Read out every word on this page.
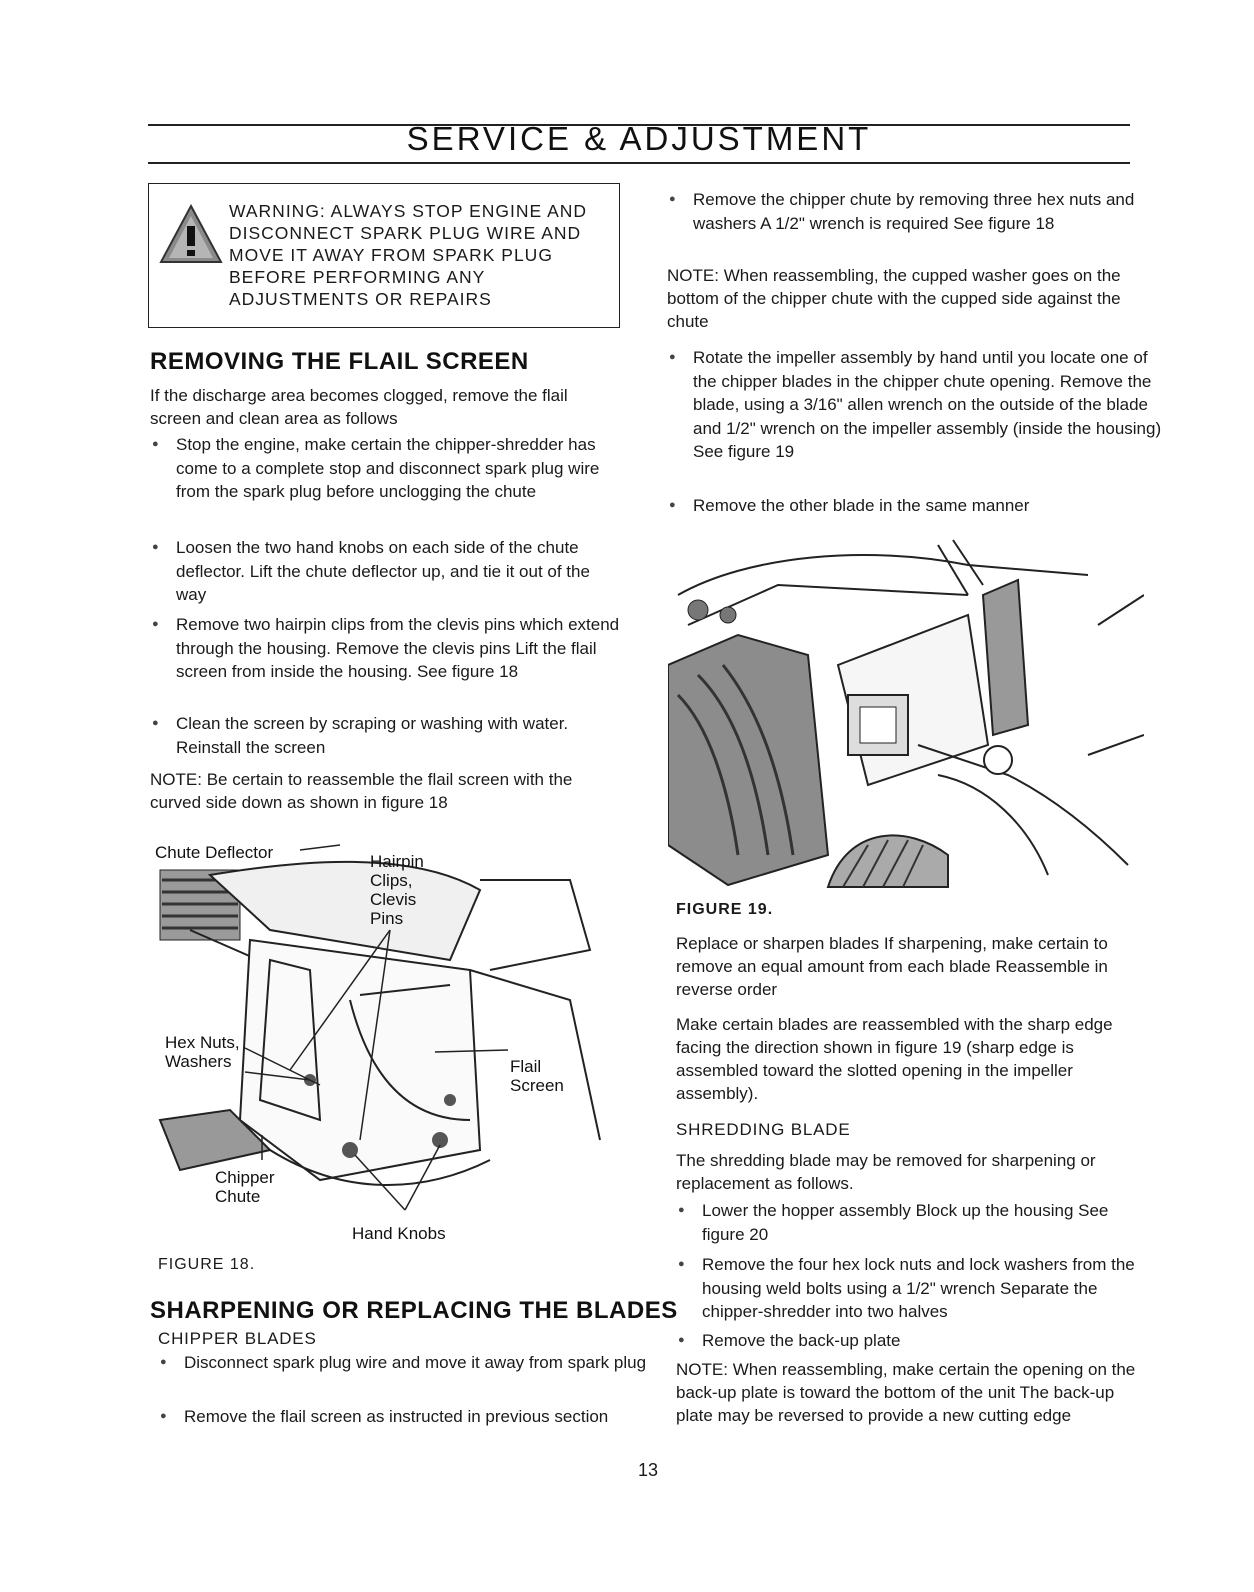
SERVICE & ADJUSTMENT
WARNING: ALWAYS STOP ENGINE AND DISCONNECT SPARK PLUG WIRE AND MOVE IT AWAY FROM SPARK PLUG BEFORE PERFORMING ANY ADJUSTMENTS OR REPAIRS
REMOVING THE FLAIL SCREEN

If the discharge area becomes clogged, remove the flail screen and clean area as follows

● Stop the engine, make certain the chipper-shredder has come to a complete stop and disconnect spark plug wire from the spark plug before unclogging the chute

● Loosen the two hand knobs on each side of the chute deflector. Lift the chute deflector up, and tie it out of the way

● Remove two hairpin clips from the clevis pins which extend through the housing. Remove the clevis pins Lift the flail screen from inside the housing. See figure 18

● Clean the screen by scraping or washing with water. Reinstall the screen

NOTE: Be certain to reassemble the flail screen with the curved side down as shown in figure 18

Chute Deflector	Hairpin Clips, Clevis Pins
Hex Nuts, Washers	Flail Screen
Chipper Chute
Hand Knobs
FIGURE 18.
SHARPENING OR REPLACING THE BLADES
CHIPPER BLADES

● Disconnect spark plug wire and move it away from spark plug

● Remove the flail screen as instructed in previous section

● Remove the chipper chute by removing three hex nuts and washers A 1/2" wrench is required See figure 18

NOTE: When reassembling, the cupped washer goes on the bottom of the chipper chute with the cupped side against the chute

● Rotate the impeller assembly by hand until you locate one of the chipper blades in the chipper chute opening. Remove the blade, using a 3/16" allen wrench on the outside of the blade and 1/2" wrench on the impeller assembly (inside the housing) See figure 19

● Remove the other blade in the same manner

FIGURE 19.

Replace or sharpen blades If sharpening, make certain to remove an equal amount from each blade Reassemble in reverse order

Make certain blades are reassembled with the sharp edge facing the direction shown in figure 19 (sharp edge is assembled toward the slotted opening in the impeller assembly).

SHREDDING BLADE

The shredding blade may be removed for sharpening or replacement as follows.

● Lower the hopper assembly Block up the housing See figure 20

● Remove the four hex lock nuts and lock washers from the housing weld bolts using a 1/2" wrench Separate the chipper-shredder into two halves

● Remove the back-up plate

NOTE: When reassembling, make certain the opening on the back-up plate is toward the bottom of the unit The back-up plate may be reversed to provide a new cutting edge

13
